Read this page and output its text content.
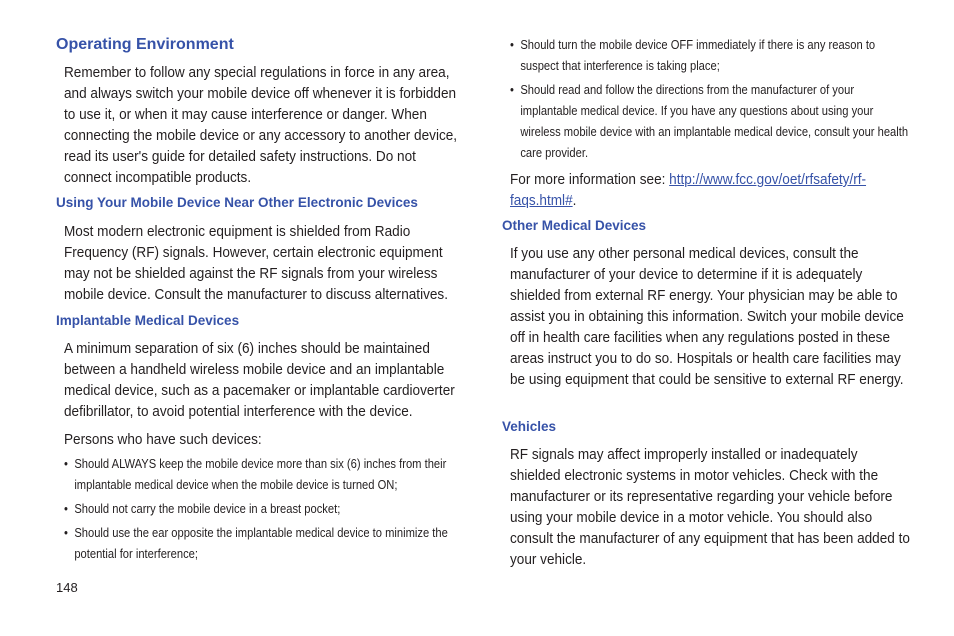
Operating Environment

Remember to follow any special regulations in force in any area, and always switch your mobile device off whenever it is forbidden to use it, or when it may cause interference or danger. When connecting the mobile device or any accessory to another device, read its user's guide for detailed safety instructions. Do not connect incompatible products.

Using Your Mobile Device Near Other Electronic Devices

Most modern electronic equipment is shielded from Radio Frequency (RF) signals. However, certain electronic equipment may not be shielded against the RF signals from your wireless mobile device. Consult the manufacturer to discuss alternatives.

Implantable Medical Devices

A minimum separation of six (6) inches should be maintained between a handheld wireless mobile device and an implantable medical device, such as a pacemaker or implantable cardioverter defibrillator, to avoid potential interference with the device.

Persons who have such devices:

• Should ALWAYS keep the mobile device more than six (6) inches from their implantable medical device when the mobile device is turned ON;
• Should not carry the mobile device in a breast pocket;
• Should use the ear opposite the implantable medical device to minimize the potential for interference;
148
• Should turn the mobile device OFF immediately if there is any reason to suspect that interference is taking place;
• Should read and follow the directions from the manufacturer of your implantable medical device. If you have any questions about using your wireless mobile device with an implantable medical device, consult your health care provider.

For more information see: http://www.fcc.gov/oet/rfsafety/rf-faqs.html#.

Other Medical Devices

If you use any other personal medical devices, consult the manufacturer of your device to determine if it is adequately shielded from external RF energy. Your physician may be able to assist you in obtaining this information. Switch your mobile device off in health care facilities when any regulations posted in these areas instruct you to do so. Hospitals or health care facilities may be using equipment that could be sensitive to external RF energy.

Vehicles

RF signals may affect improperly installed or inadequately shielded electronic systems in motor vehicles. Check with the manufacturer or its representative regarding your vehicle before using your mobile device in a motor vehicle. You should also consult the manufacturer of any equipment that has been added to your vehicle.
